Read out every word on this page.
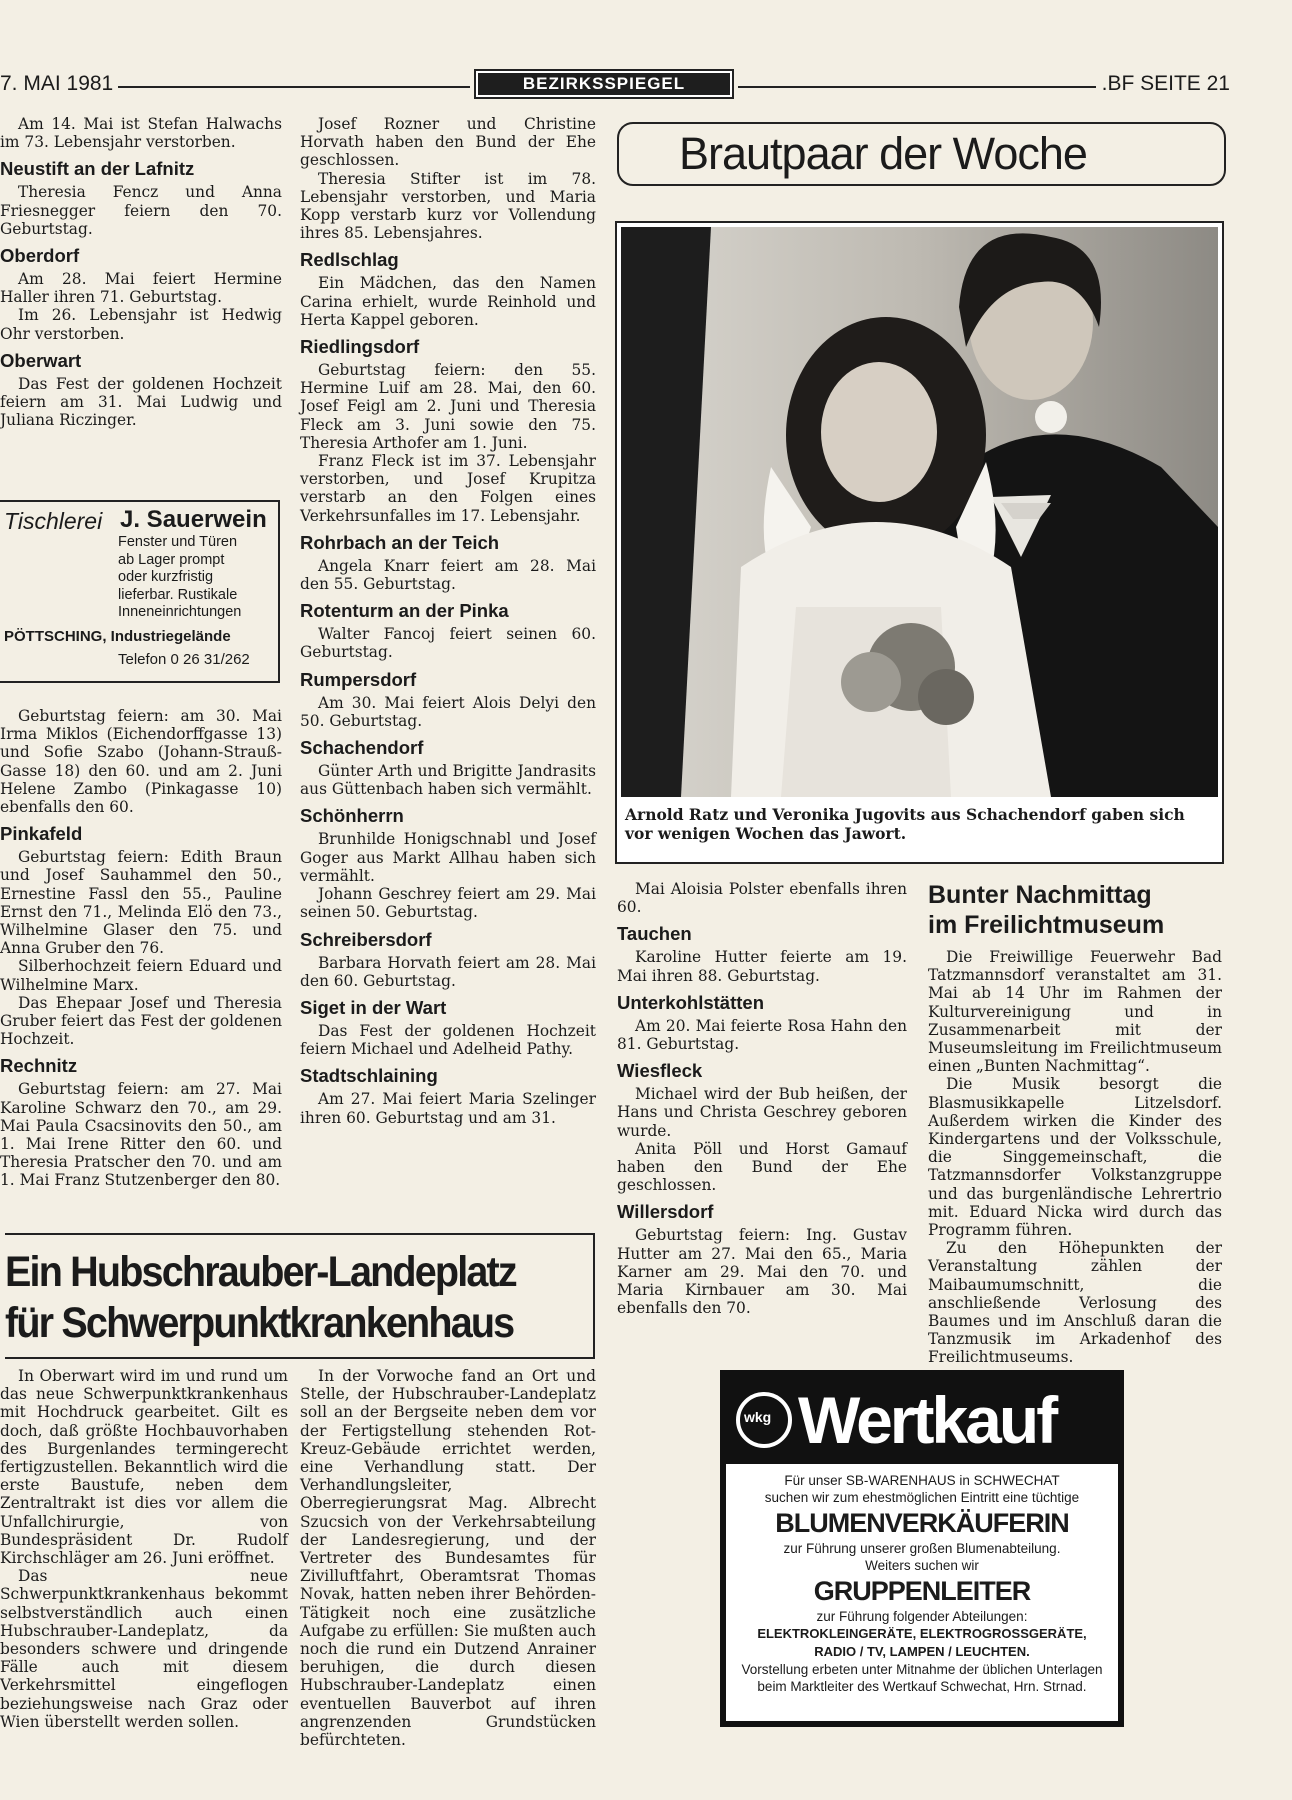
7. MAI 1981	BEZIRKSSPIEGEL	.BF SEITE 21

Am 14. Mai ist Stefan Halwachs im 73. Lebensjahr verstorben.

Neustift an der Lafnitz

Theresia Fencz und Anna Friesnegger feiern den 70. Geburtstag.

Oberdorf

Am 28. Mai feiert Hermine Haller ihren 71. Geburtstag.

Im 26. Lebensjahr ist Hedwig Ohr verstorben.

Oberwart

Das Fest der goldenen Hochzeit feiern am 31. Mai Ludwig und Juliana Riczinger.

Tischlerei J. Sauerwein
Fenster und Türen
ab Lager prompt
oder kurzfristig
lieferbar. Rustikale
Inneneinrichtungen
PÖTTSCHING, Industriegelände
Telefon 0 26 31/262

Geburtstag feiern: am 30. Mai Irma Miklos (Eichendorffgasse 13) und Sofie Szabo (Johann-Strauß-Gasse 18) den 60. und am 2. Juni Helene Zambo (Pinkagasse 10) ebenfalls den 60.

Pinkafeld

Geburtstag feiern: Edith Braun und Josef Sauhammel den 50., Ernestine Fassl den 55., Pauline Ernst den 71., Melinda Elö den 73., Wilhelmine Glaser den 75. und Anna Gruber den 76.

Silberhochzeit feiern Eduard und Wilhelmine Marx.

Das Ehepaar Josef und Theresia Gruber feiert das Fest der goldenen Hochzeit.

Rechnitz

Geburtstag feiern: am 27. Mai Karoline Schwarz den 70., am 29. Mai Paula Csacsinovits den 50., am 1. Mai Irene Ritter den 60. und Theresia Pratscher den 70. und am 1. Mai Franz Stutzenberger den 80.

Josef Rozner und Christine Horvath haben den Bund der Ehe geschlossen.

Theresia Stifter ist im 78. Lebensjahr verstorben, und Maria Kopp verstarb kurz vor Vollendung ihres 85. Lebensjahres.

Redlschlag

Ein Mädchen, das den Namen Carina erhielt, wurde Reinhold und Herta Kappel geboren.

Riedlingsdorf

Geburtstag feiern: den 55. Hermine Luif am 28. Mai, den 60. Josef Feigl am 2. Juni und Theresia Fleck am 3. Juni sowie den 75. Theresia Arthofer am 1. Juni.

Franz Fleck ist im 37. Lebensjahr verstorben, und Josef Krupitza verstarb an den Folgen eines Verkehrsunfalles im 17. Lebensjahr.

Rohrbach an der Teich

Angela Knarr feiert am 28. Mai den 55. Geburtstag.

Rotenturm an der Pinka

Walter Fancoj feiert seinen 60. Geburtstag.

Rumpersdorf

Am 30. Mai feiert Alois Delyi den 50. Geburtstag.

Schachendorf

Günter Arth und Brigitte Jandrasits aus Güttenbach haben sich vermählt.

Schönherrn

Brunhilde Honigschnabl und Josef Goger aus Markt Allhau haben sich vermählt.

Johann Geschrey feiert am 29. Mai seinen 50. Geburtstag.

Schreibersdorf

Barbara Horvath feiert am 28. Mai den 60. Geburtstag.

Siget in der Wart

Das Fest der goldenen Hochzeit feiern Michael und Adelheid Pathy.

Stadtschlaining

Am 27. Mai feiert Maria Szelinger ihren 60. Geburtstag und am 31.

Brautpaar der Woche
Arnold Ratz und Veronika Jugovits aus Schachendorf gaben sich vor wenigen Wochen das Jawort.

Mai Aloisia Polster ebenfalls ihren 60.

Tauchen

Karoline Hutter feierte am 19. Mai ihren 88. Geburtstag.

Unterkohlstätten

Am 20. Mai feierte Rosa Hahn den 81. Geburtstag.

Wiesfleck

Michael wird der Bub heißen, der Hans und Christa Geschrey geboren wurde.

Anita Pöll und Horst Gamauf haben den Bund der Ehe geschlossen.

Willersdorf

Geburtstag feiern: Ing. Gustav Hutter am 27. Mai den 65., Maria Karner am 29. Mai den 70. und Maria Kirnbauer am 30. Mai ebenfalls den 70.

Bunter Nachmittag
im Freilichtmuseum

Die Freiwillige Feuerwehr Bad Tatzmannsdorf veranstaltet am 31. Mai ab 14 Uhr im Rahmen der Kulturvereinigung und in Zusammenarbeit mit der Museumsleitung im Freilichtmuseum einen „Bunten Nachmittag“.

Die Musik besorgt die Blasmusikkapelle Litzelsdorf. Außerdem wirken die Kinder des Kindergartens und der Volksschule, die Singgemeinschaft, die Tatzmannsdorfer Volkstanzgruppe und das burgenländische Lehrertrio mit. Eduard Nicka wird durch das Programm führen.

Zu den Höhepunkten der Veranstaltung zählen der Maibaumumschnitt, die anschließende Verlosung des Baumes und im Anschluß daran die Tanzmusik im Arkadenhof des Freilichtmuseums.

Ein Hubschrauber-Landeplatz
für Schwerpunktkrankenhaus

In Oberwart wird im und rund um das neue Schwerpunktkrankenhaus mit Hochdruck gearbeitet. Gilt es doch, daß größte Hochbauvorhaben des Burgenlandes termingerecht fertigzustellen. Bekanntlich wird die erste Baustufe, neben dem Zentraltrakt ist dies vor allem die Unfallchirurgie, von Bundespräsident Dr. Rudolf Kirchschläger am 26. Juni eröffnet.

Das neue Schwerpunktkrankenhaus bekommt selbstverständlich auch einen Hubschrauber-Landeplatz, da besonders schwere und dringende Fälle auch mit diesem Verkehrsmittel eingeflogen beziehungsweise nach Graz oder Wien überstellt werden sollen.

In der Vorwoche fand an Ort und Stelle, der Hubschrauber-Landeplatz soll an der Bergseite neben dem vor der Fertigstellung stehenden Rot-Kreuz-Gebäude errichtet werden, eine Verhandlung statt. Der Verhandlungsleiter, Oberregierungsrat Mag. Albrecht Szucsich von der Verkehrsabteilung der Landesregierung, und der Vertreter des Bundesamtes für Zivilluftfahrt, Oberamtsrat Thomas Novak, hatten neben ihrer Behörden-Tätigkeit noch eine zusätzliche Aufgabe zu erfüllen: Sie mußten auch noch die rund ein Dutzend Anrainer beruhigen, die durch diesen Hubschrauber-Landeplatz einen eventuellen Bauverbot auf ihren angrenzenden Grundstücken befürchteten.

wkg Wertkauf
Für unser SB-WARENHAUS in SCHWECHAT
suchen wir zum ehestmöglichen Eintritt eine tüchtige
BLUMENVERKÄUFERIN
zur Führung unserer großen Blumenabteilung.
Weiters suchen wir
GRUPPENLEITER
zur Führung folgender Abteilungen:
ELEKTROKLEINGERÄTE, ELEKTROGROSSGERÄTE,
RADIO / TV, LAMPEN / LEUCHTEN.
Vorstellung erbeten unter Mitnahme der üblichen Unterlagen
beim Marktleiter des Wertkauf Schwechat, Hrn. Strnad.
